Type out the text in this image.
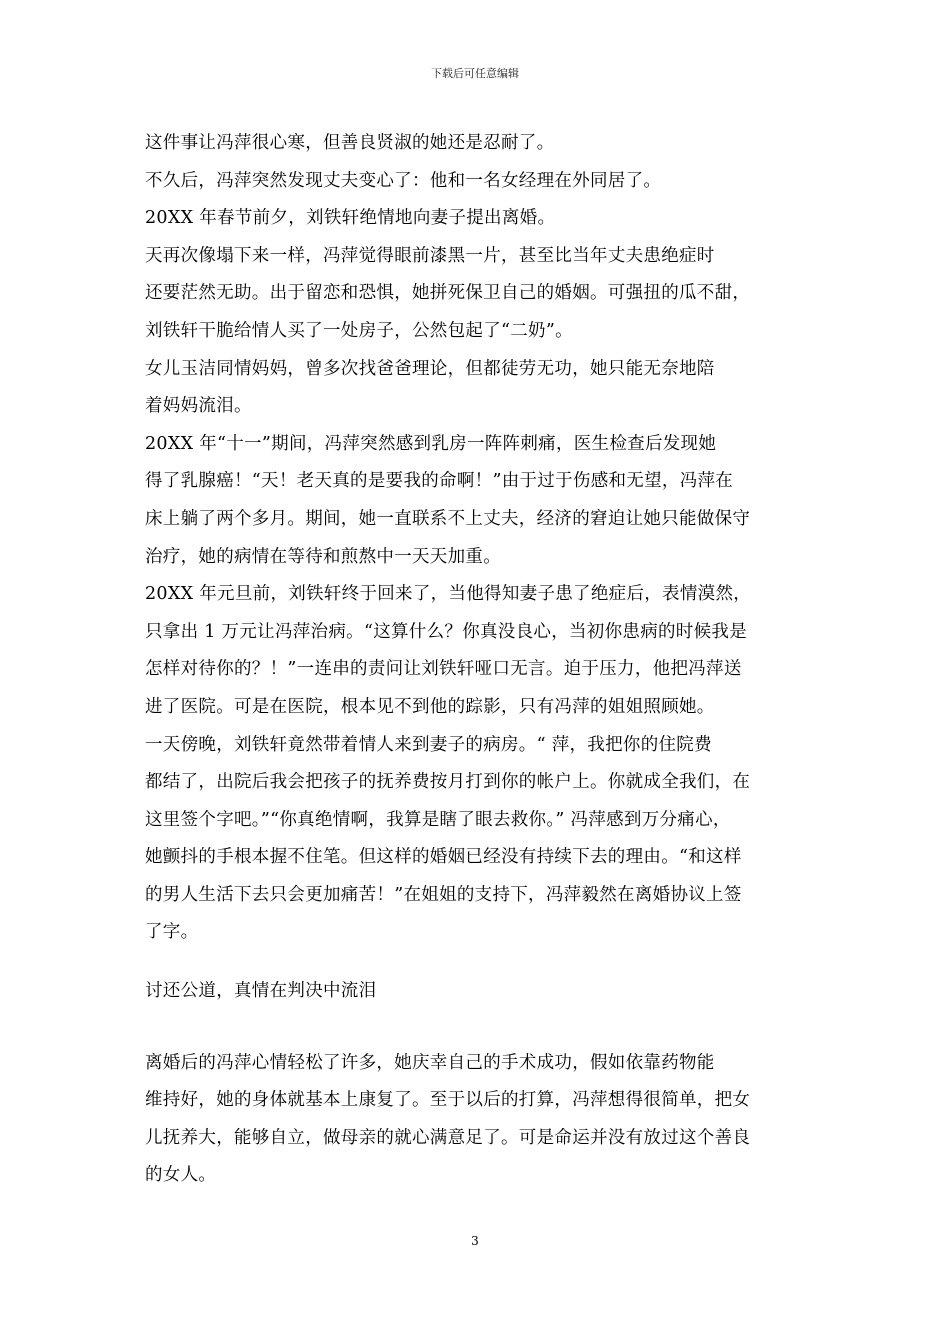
下载后可任意编辑
这件事让冯萍很心寒，但善良贤淑的她还是忍耐了。
不久后，冯萍突然发现丈夫变心了：他和一名女经理在外同居了。
20XX 年春节前夕，刘铁轩绝情地向妻子提出离婚。
天再次像塌下来一样，冯萍觉得眼前漆黑一片，甚至比当年丈夫患绝症时
还要茫然无助。出于留恋和恐惧，她拼死保卫自己的婚姻。可强扭的瓜不甜，
刘铁轩干脆给情人买了一处房子，公然包起了“二奶”。
女儿玉洁同情妈妈，曾多次找爸爸理论，但都徒劳无功，她只能无奈地陪
着妈妈流泪。
20XX 年“十一”期间，冯萍突然感到乳房一阵阵刺痛，医生检查后发现她
得了乳腺癌！“天！老天真的是要我的命啊！”由于过于伤感和无望，冯萍在
床上躺了两个多月。期间，她一直联系不上丈夫，经济的窘迫让她只能做保守
治疗，她的病情在等待和煎熬中一天天加重。
20XX 年元旦前，刘铁轩终于回来了，当他得知妻子患了绝症后，表情漠然，
只拿出 1 万元让冯萍治病。“这算什么？你真没良心，当初你患病的时候我是
怎样对待你的？！”一连串的责问让刘铁轩哑口无言。迫于压力，他把冯萍送
进了医院。可是在医院，根本见不到他的踪影，只有冯萍的姐姐照顾她。
一天傍晚，刘铁轩竟然带着情人来到妻子的病房。“ 萍，我把你的住院费
都结了，出院后我会把孩子的抚养费按月打到你的帐户上。你就成全我们，在
这里签个字吧。”“你真绝情啊，我算是瞎了眼去救你。” 冯萍感到万分痛心，
她颤抖的手根本握不住笔。但这样的婚姻已经没有持续下去的理由。“和这样
的男人生活下去只会更加痛苦！”在姐姐的支持下，冯萍毅然在离婚协议上签
了字。
讨还公道，真情在判决中流泪
离婚后的冯萍心情轻松了许多，她庆幸自己的手术成功，假如依靠药物能
维持好，她的身体就基本上康复了。至于以后的打算，冯萍想得很简单，把女
儿抚养大，能够自立，做母亲的就心满意足了。可是命运并没有放过这个善良
的女人。
3
